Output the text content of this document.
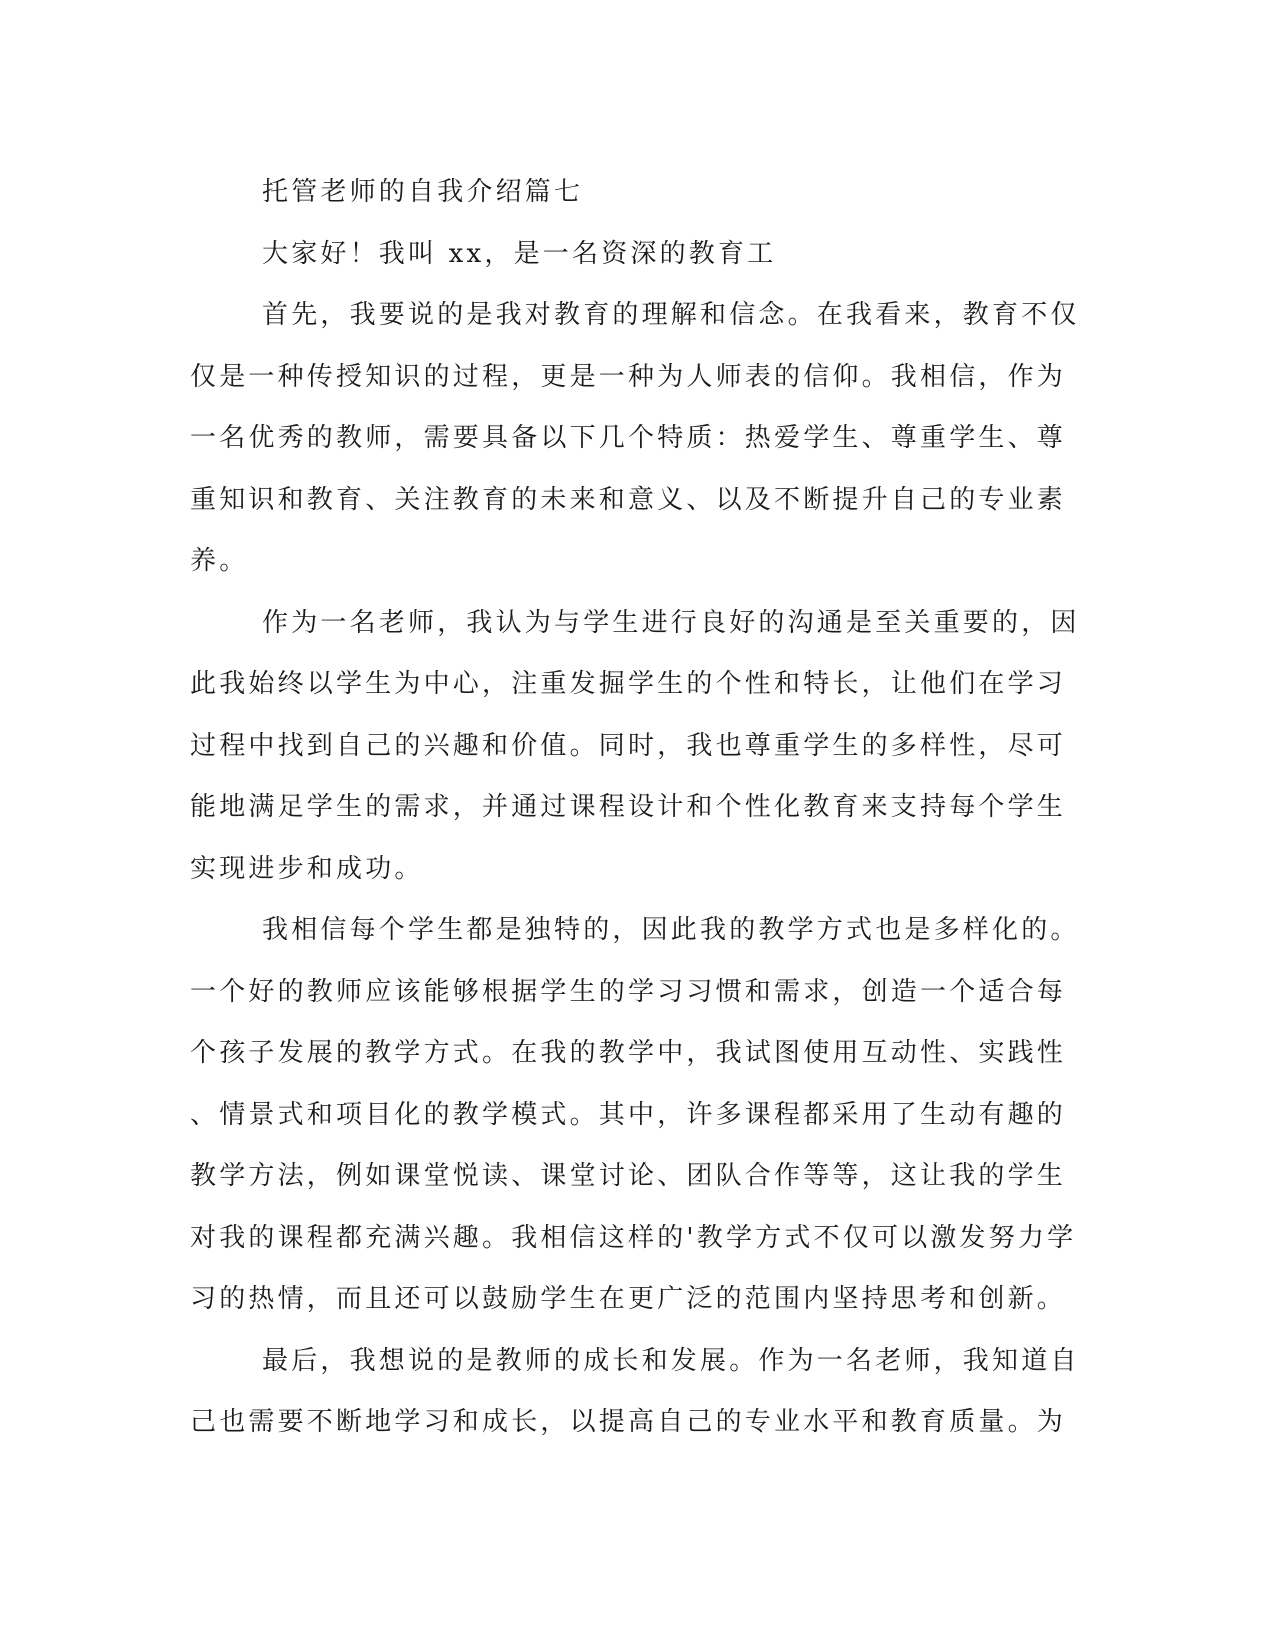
托管老师的自我介绍篇七

大家好！我叫 xx，是一名资深的教育工

首先，我要说的是我对教育的理解和信念。在我看来，教育不仅

仅是一种传授知识的过程，更是一种为人师表的信仰。我相信，作为

一名优秀的教师，需要具备以下几个特质：热爱学生、尊重学生、尊

重知识和教育、关注教育的未来和意义、以及不断提升自己的专业素

养。

作为一名老师，我认为与学生进行良好的沟通是至关重要的，因

此我始终以学生为中心，注重发掘学生的个性和特长，让他们在学习

过程中找到自己的兴趣和价值。同时，我也尊重学生的多样性，尽可

能地满足学生的需求，并通过课程设计和个性化教育来支持每个学生

实现进步和成功。

我相信每个学生都是独特的，因此我的教学方式也是多样化的。

一个好的教师应该能够根据学生的学习习惯和需求，创造一个适合每

个孩子发展的教学方式。在我的教学中，我试图使用互动性、实践性

、情景式和项目化的教学模式。其中，许多课程都采用了生动有趣的

教学方法，例如课堂悦读、课堂讨论、团队合作等等，这让我的学生

对我的课程都充满兴趣。我相信这样的'教学方式不仅可以激发努力学

习的热情，而且还可以鼓励学生在更广泛的范围内坚持思考和创新。

最后，我想说的是教师的成长和发展。作为一名老师，我知道自

己也需要不断地学习和成长，以提高自己的专业水平和教育质量。为
